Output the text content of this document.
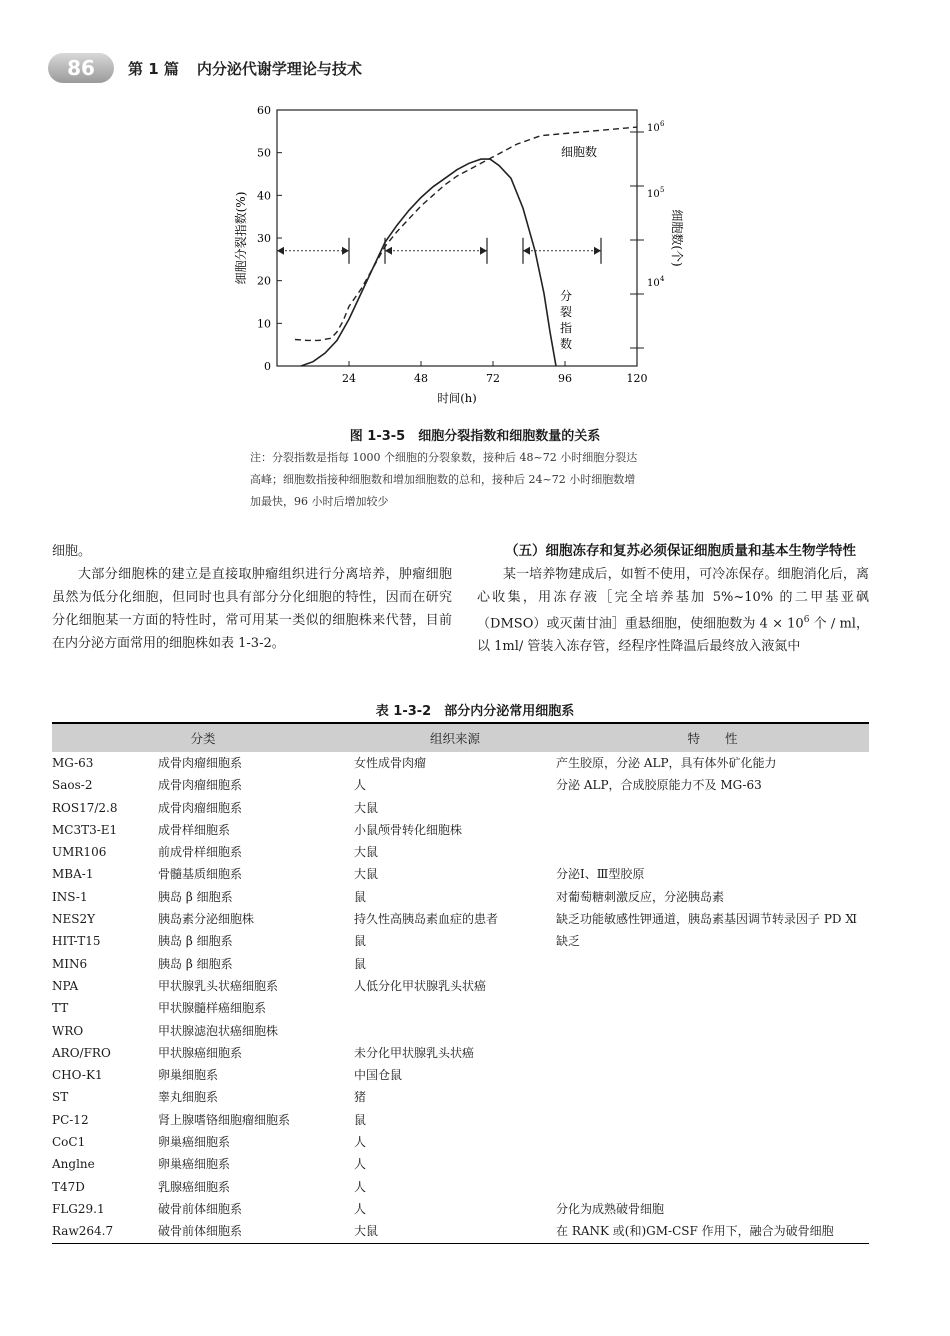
86	第 1 篇 内分泌代谢学理论与技术
0
10
20
30
40
50
60
24	48	72	96	120
时间(h)
10 4
10 5
10 6
细胞分裂指数(%)	细胞数(个)
细胞数
分
裂
指
数
图 1-3-5　细胞分裂指数和细胞数量的关系
注：分裂指数是指每 1000 个细胞的分裂象数，接种后 48~72 小时细胞分裂达
高峰；细胞数指接种细胞数和增加细胞数的总和，接种后 24~72 小时细胞数增
加最快，96 小时后增加较少

细胞。

大部分细胞株的建立是直接取肿瘤组织进行分离培养，肿瘤细胞虽然为低分化细胞，但同时也具有部分分化细胞的特性，因而在研究分化细胞某一方面的特性时，常可用某一类似的细胞株来代替，目前在内分泌方面常用的细胞株如表 1-3-2。

（五）细胞冻存和复苏必须保证细胞质量和基本生物学特性

某一培养物建成后，如暂不使用，可冷冻保存。细胞消化后，离心收集，用冻存液［完全培养基加 5%~10% 的二甲基亚砜（DMSO）或灭菌甘油］重悬细胞，使细胞数为 $4 \times 10^6$ 个 / ml，以 1ml/ 管装入冻存管，经程序性降温后最终放入液氮中

表 1-3-2　部分内分泌常用细胞系
分类		组织来源	特　　性
MG-63	成骨肉瘤细胞系	女性成骨肉瘤	产生胶原，分泌 ALP，具有体外矿化能力
Saos-2	成骨肉瘤细胞系	人	分泌 ALP，合成胶原能力不及 MG-63
ROS17/2.8	成骨肉瘤细胞系	大鼠	
MC3T3-E1	成骨样细胞系	小鼠颅骨转化细胞株	
UMR106	前成骨样细胞系	大鼠	
MBA-1	骨髓基质细胞系	大鼠	分泌Ⅰ、Ⅲ型胶原
INS-1	胰岛 β 细胞系	鼠	对葡萄糖刺激反应，分泌胰岛素
NES2Y	胰岛素分泌细胞株	持久性高胰岛素血症的患者		缺乏功能敏感性钾通道，胰岛素基因调节转录因子 PD Ⅺ 缺乏

HIT-T15	胰岛 β 细胞系	鼠	
MIN6	胰岛 β 细胞系	鼠	
NPA	甲状腺乳头状癌细胞系	人低分化甲状腺乳头状癌	
TT	甲状腺髓样癌细胞系		
WRO	甲状腺滤泡状癌细胞株		
ARO/FRO	甲状腺癌细胞系	未分化甲状腺乳头状癌	
CHO-K1	卵巢细胞系	中国仓鼠	
ST	睾丸细胞系	猪	
PC-12	肾上腺嗜铬细胞瘤细胞系	鼠	
CoC1	卵巢癌细胞系	人	
Anglne	卵巢癌细胞系	人	
T47D	乳腺癌细胞系	人	
FLG29.1	破骨前体细胞系	人	分化为成熟破骨细胞
Raw264.7	破骨前体细胞系	大鼠		在 RANK 或(和)GM-CSF 作用下，融合为破骨细胞
